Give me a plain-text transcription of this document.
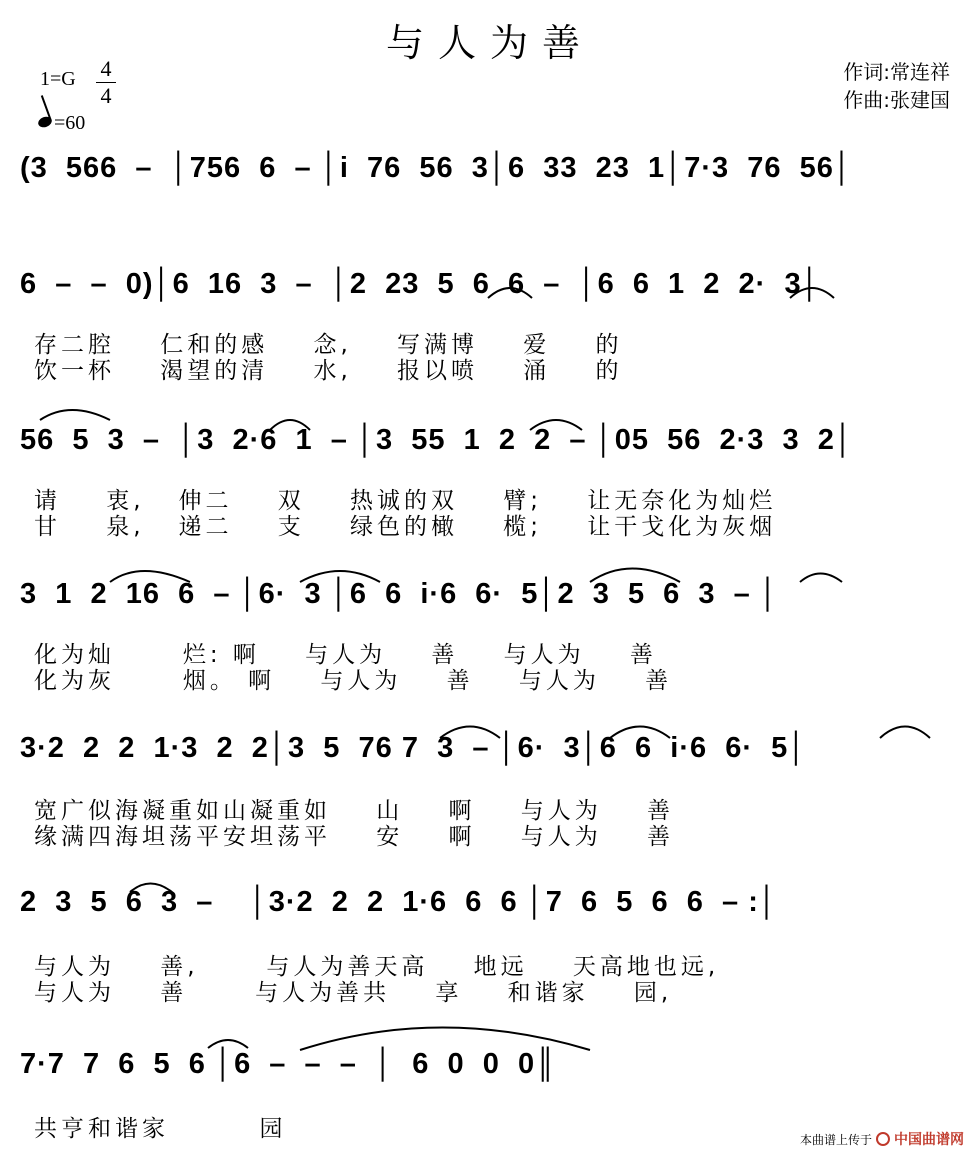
与人为善
1=G 4
4
=60
作词:常连祥
作曲:张建国
(3  566  –  │756  6  – │i  76  56  3│6  33  23  1│7·3  76  56│
6  –  –  0)│6  16  3  –  │2  23  5  6  6  –  │6  6  1  2  2·  3│
56  5  3  –  │3  2·6  1  – │3  55  1  2  2  – │05  56  2·3  3  2│
3  1  2  16  6  – │6·  3 │6  6  i·6  6·  5│2  3  5  6  3  – │
3·2  2  2  1·3  2  2│3  5  76 7  3  – │6·  3│6  6  i·6  6·  5│
2  3  5  6  3  –    │3·2  2  2  1·6  6  6 │7  6  5  6  6  – :│
7·7  7  6  5  6 │6  –  –  –  │  6  0  0  0║
存二腔    仁和的感    念,    写满博    爱    的
饮一杯    渴望的清    水,    报以喷    涌    的
请    衷,   伸二    双    热诚的双    臂;    让无奈化为灿烂
甘    泉,   递二    支    绿色的橄    榄;    让干戈化为灰烟
化为灿      烂: 啊    与人为    善    与人为    善
化为灰      烟。 啊    与人为    善    与人为    善
宽广似海凝重如山凝重如    山    啊    与人为    善
缘满四海坦荡平安坦荡平    安    啊    与人为    善
与人为    善,      与人为善天高    地远    天高地也远,
与人为    善      与人为善共    享    和谐家    园,
共亨和谐家        园	本曲谱上传于 中国曲谱网
